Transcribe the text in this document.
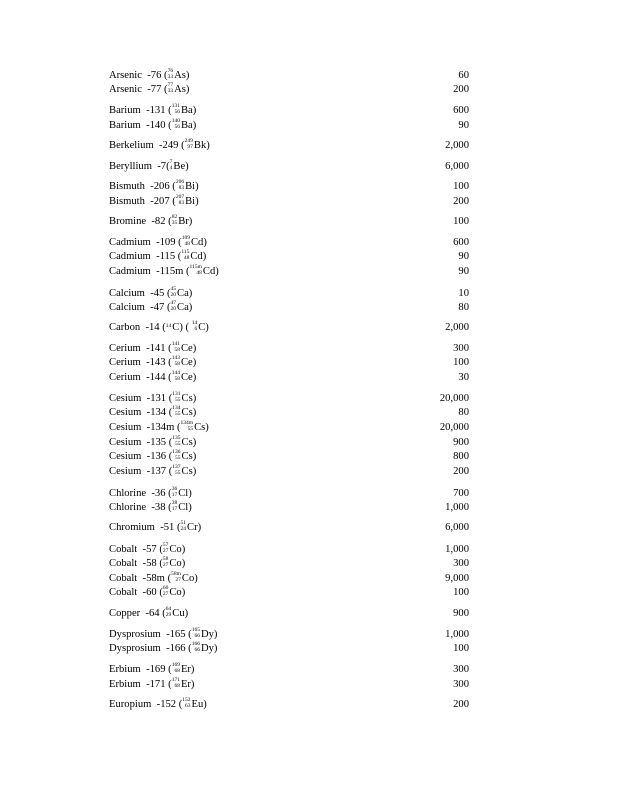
Arsenic -76 ( 76
33 As)	60
Arsenic -77 ( 77
33 As)	200
Barium -131 ( 131
56 Ba)	600
Barium -140 ( 140
56 Ba)	90
Berkelium -249 ( 249
97 Bk)	2,000
Beryllium -7( 7
4 Be)	6,000
Bismuth -206 ( 206
83 Bi)	100
Bismuth -207 ( 207
83 Bi)	200
Bromine -82 ( 82
35 Br)	100
Cadmium -109 ( 109
48 Cd)	600
Cadmium -115 ( 115
48 Cd)	90
Cadmium -115m ( 115m
48 Cd)	90
Calcium -45 ( 45
20 Ca)	10
Calcium -47 ( 47
20 Ca)	80
Carbon -14 ( 14 C) ( 14
6 C)	2,000
Cerium -141 ( 141
58 Ce)	300
Cerium -143 ( 143
58 Ce)	100
Cerium -144 ( 144
58 Ce)	30
Cesium -131 ( 131
55 Cs)	20,000
Cesium -134 ( 134
55 Cs)	80
Cesium -134m ( 134m
55 Cs)	20,000
Cesium -135 ( 135
55 Cs)	900
Cesium -136 ( 136
55 Cs)	800
Cesium -137 ( 137
55 Cs)	200
Chlorine -36 ( 36
17 Cl)	700
Chlorine -38 ( 38
17 Cl)	1,000
Chromium -51 ( 51
24 Cr)	6,000
Cobalt -57 ( 57
27 Co)	1,000
Cobalt -58 ( 58
27 Co)	300
Cobalt -58m ( 58m
27 Co)	9,000
Cobalt -60 ( 60
27 Co)	100
Copper -64 ( 64
29 Cu)	900
Dysprosium -165 ( 165
66 Dy)	1,000
Dysprosium -166 ( 166
66 Dy)	100
Erbium -169 ( 169
68 Er)	300
Erbium -171 ( 171
68 Er)	300
Europium -152 ( 152
63 Eu)	200
